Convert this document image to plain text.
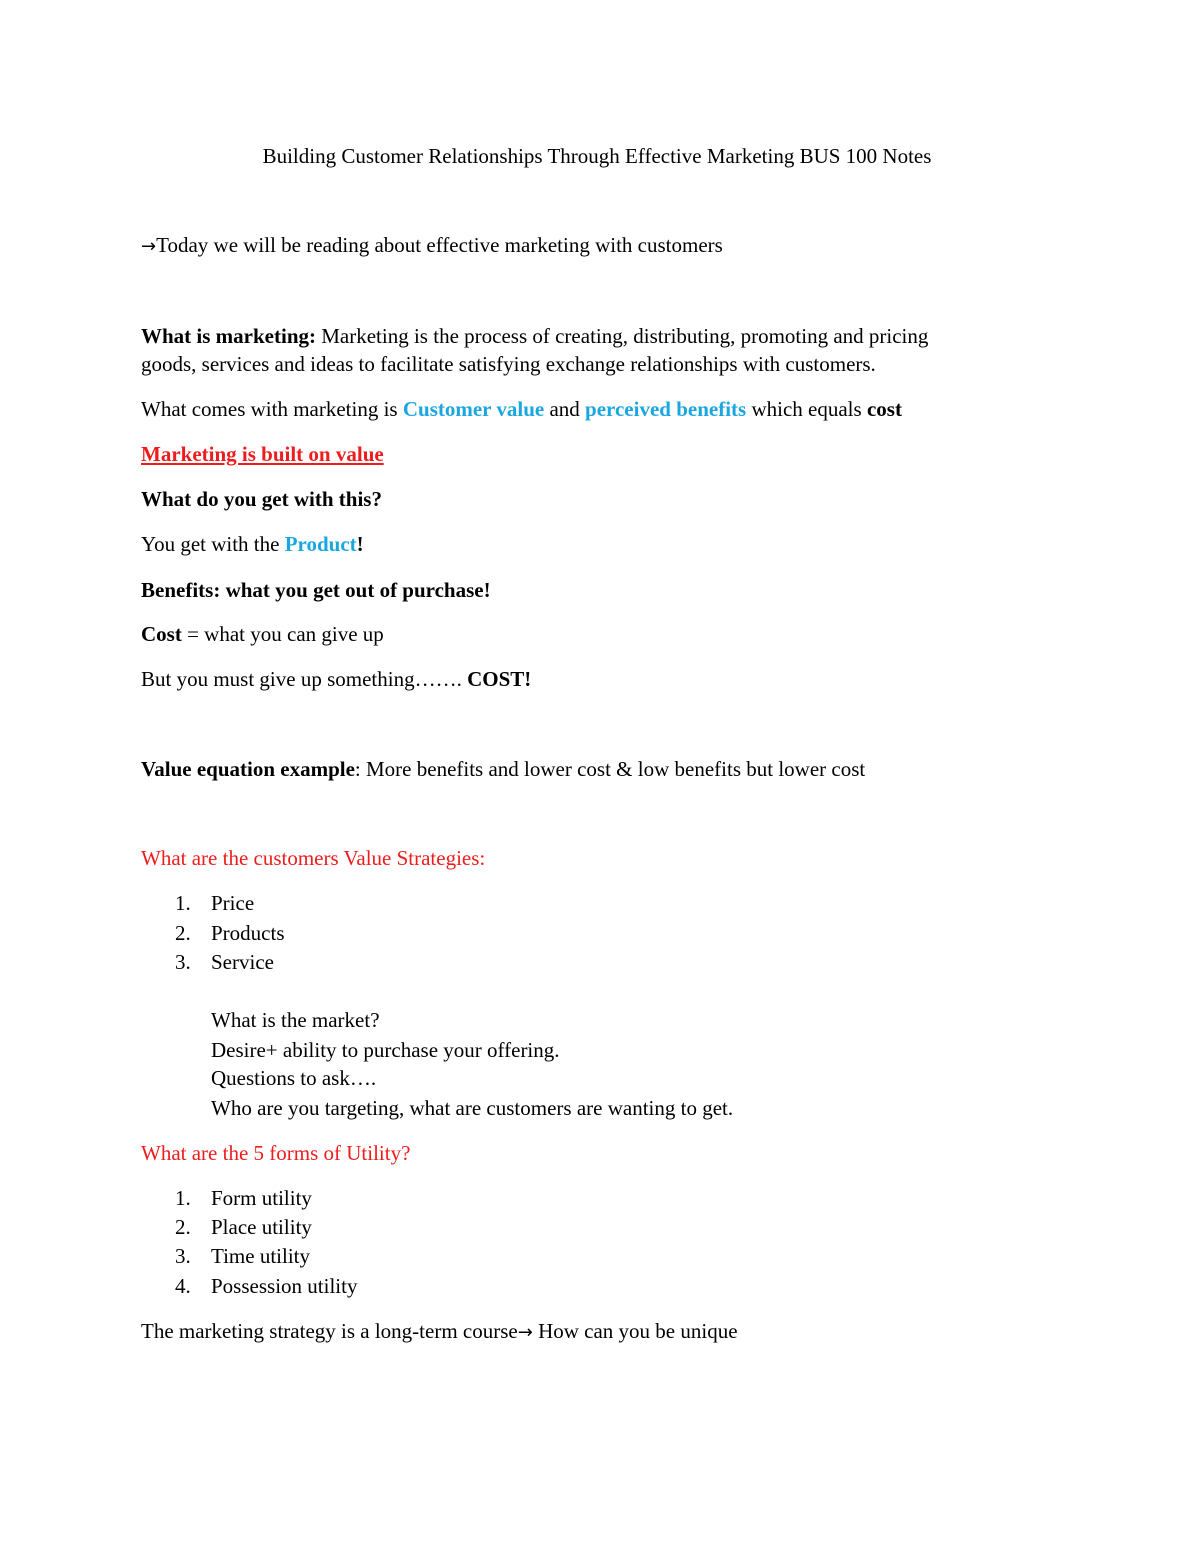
Building Customer Relationships Through Effective Marketing BUS 100 Notes
→Today we will be reading about effective marketing with customers
What is marketing: Marketing is the process of creating, distributing, promoting and pricing
goods, services and ideas to facilitate satisfying exchange relationships with customers.
What comes with marketing is Customer value and perceived benefits which equals cost
Marketing is built on value
What do you get with this?
You get with the Product!
Benefits: what you get out of purchase!
Cost = what you can give up
But you must give up something……. COST!
Value equation example: More benefits and lower cost & low benefits but lower cost
What are the customers Value Strategies:
1. Price
2. Products
3. Service
What is the market?
Desire+ ability to purchase your offering.
Questions to ask….
Who are you targeting, what are customers are wanting to get.
What are the 5 forms of Utility?
1. Form utility
2. Place utility
3. Time utility
4. Possession utility
The marketing strategy is a long-term course→ How can you be unique
